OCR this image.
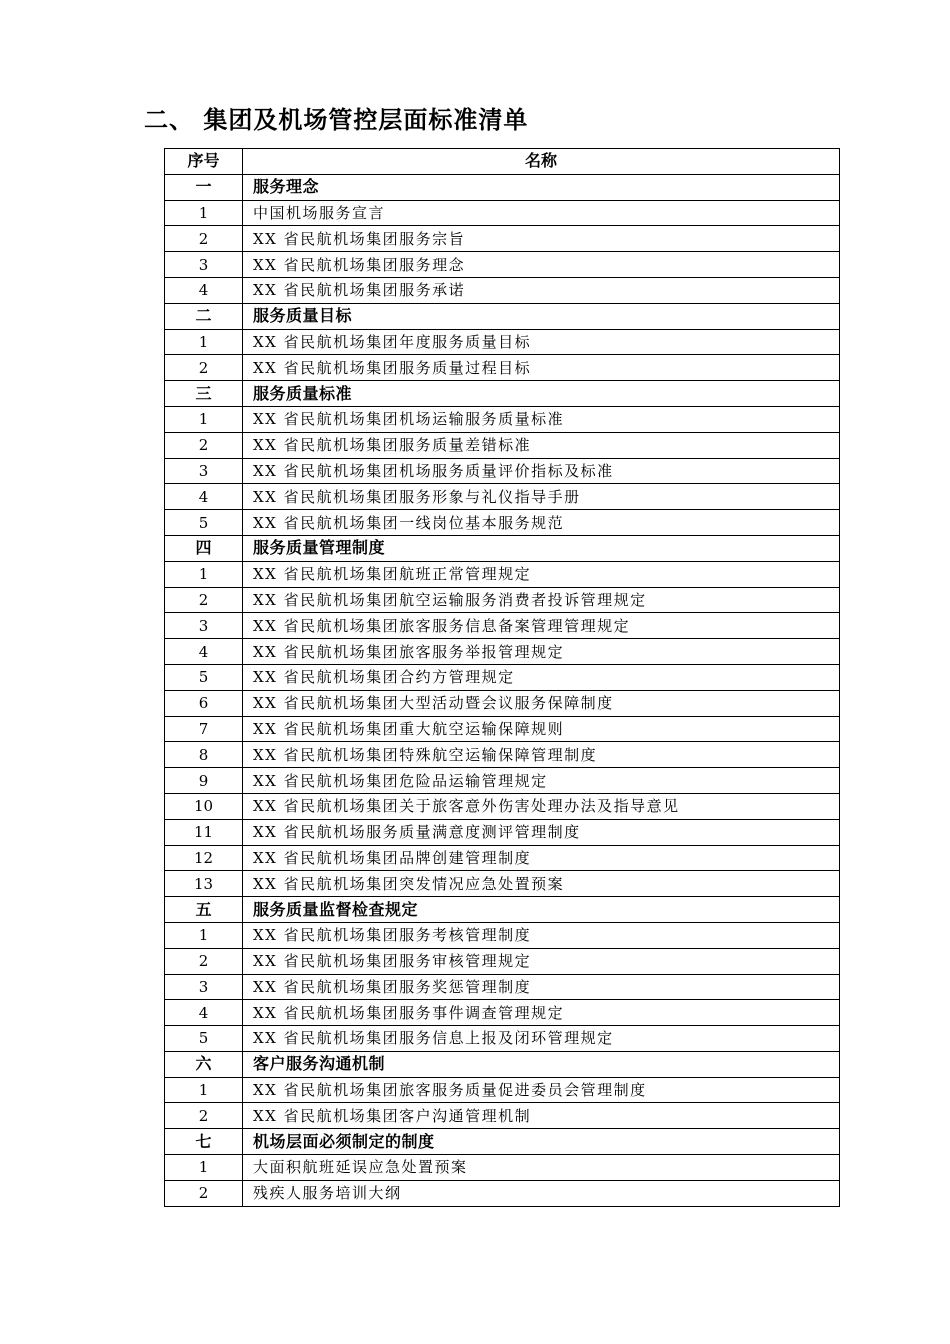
二、 集团及机场管控层面标准清单
序号	名称
一	服务理念
1	中国机场服务宣言
2	XX 省民航机场集团服务宗旨
3	XX 省民航机场集团服务理念
4	XX 省民航机场集团服务承诺
二	服务质量目标
1	XX 省民航机场集团年度服务质量目标
2	XX 省民航机场集团服务质量过程目标
三	服务质量标准
1	XX 省民航机场集团机场运输服务质量标准
2	XX 省民航机场集团服务质量差错标准
3	XX 省民航机场集团机场服务质量评价指标及标准
4	XX 省民航机场集团服务形象与礼仪指导手册
5	XX 省民航机场集团一线岗位基本服务规范
四	服务质量管理制度
1	XX 省民航机场集团航班正常管理规定
2	XX 省民航机场集团航空运输服务消费者投诉管理规定
3	XX 省民航机场集团旅客服务信息备案管理管理规定
4	XX 省民航机场集团旅客服务举报管理规定
5	XX 省民航机场集团合约方管理规定
6	XX 省民航机场集团大型活动暨会议服务保障制度
7	XX 省民航机场集团重大航空运输保障规则
8	XX 省民航机场集团特殊航空运输保障管理制度
9	XX 省民航机场集团危险品运输管理规定
10	XX 省民航机场集团关于旅客意外伤害处理办法及指导意见
11	XX 省民航机场服务质量满意度测评管理制度
12	XX 省民航机场集团品牌创建管理制度
13	XX 省民航机场集团突发情况应急处置预案
五	服务质量监督检查规定
1	XX 省民航机场集团服务考核管理制度
2	XX 省民航机场集团服务审核管理规定
3	XX 省民航机场集团服务奖惩管理制度
4	XX 省民航机场集团服务事件调查管理规定
5	XX 省民航机场集团服务信息上报及闭环管理规定
六	客户服务沟通机制
1	XX 省民航机场集团旅客服务质量促进委员会管理制度
2	XX 省民航机场集团客户沟通管理机制
七	机场层面必须制定的制度
1	大面积航班延误应急处置预案
2	残疾人服务培训大纲
